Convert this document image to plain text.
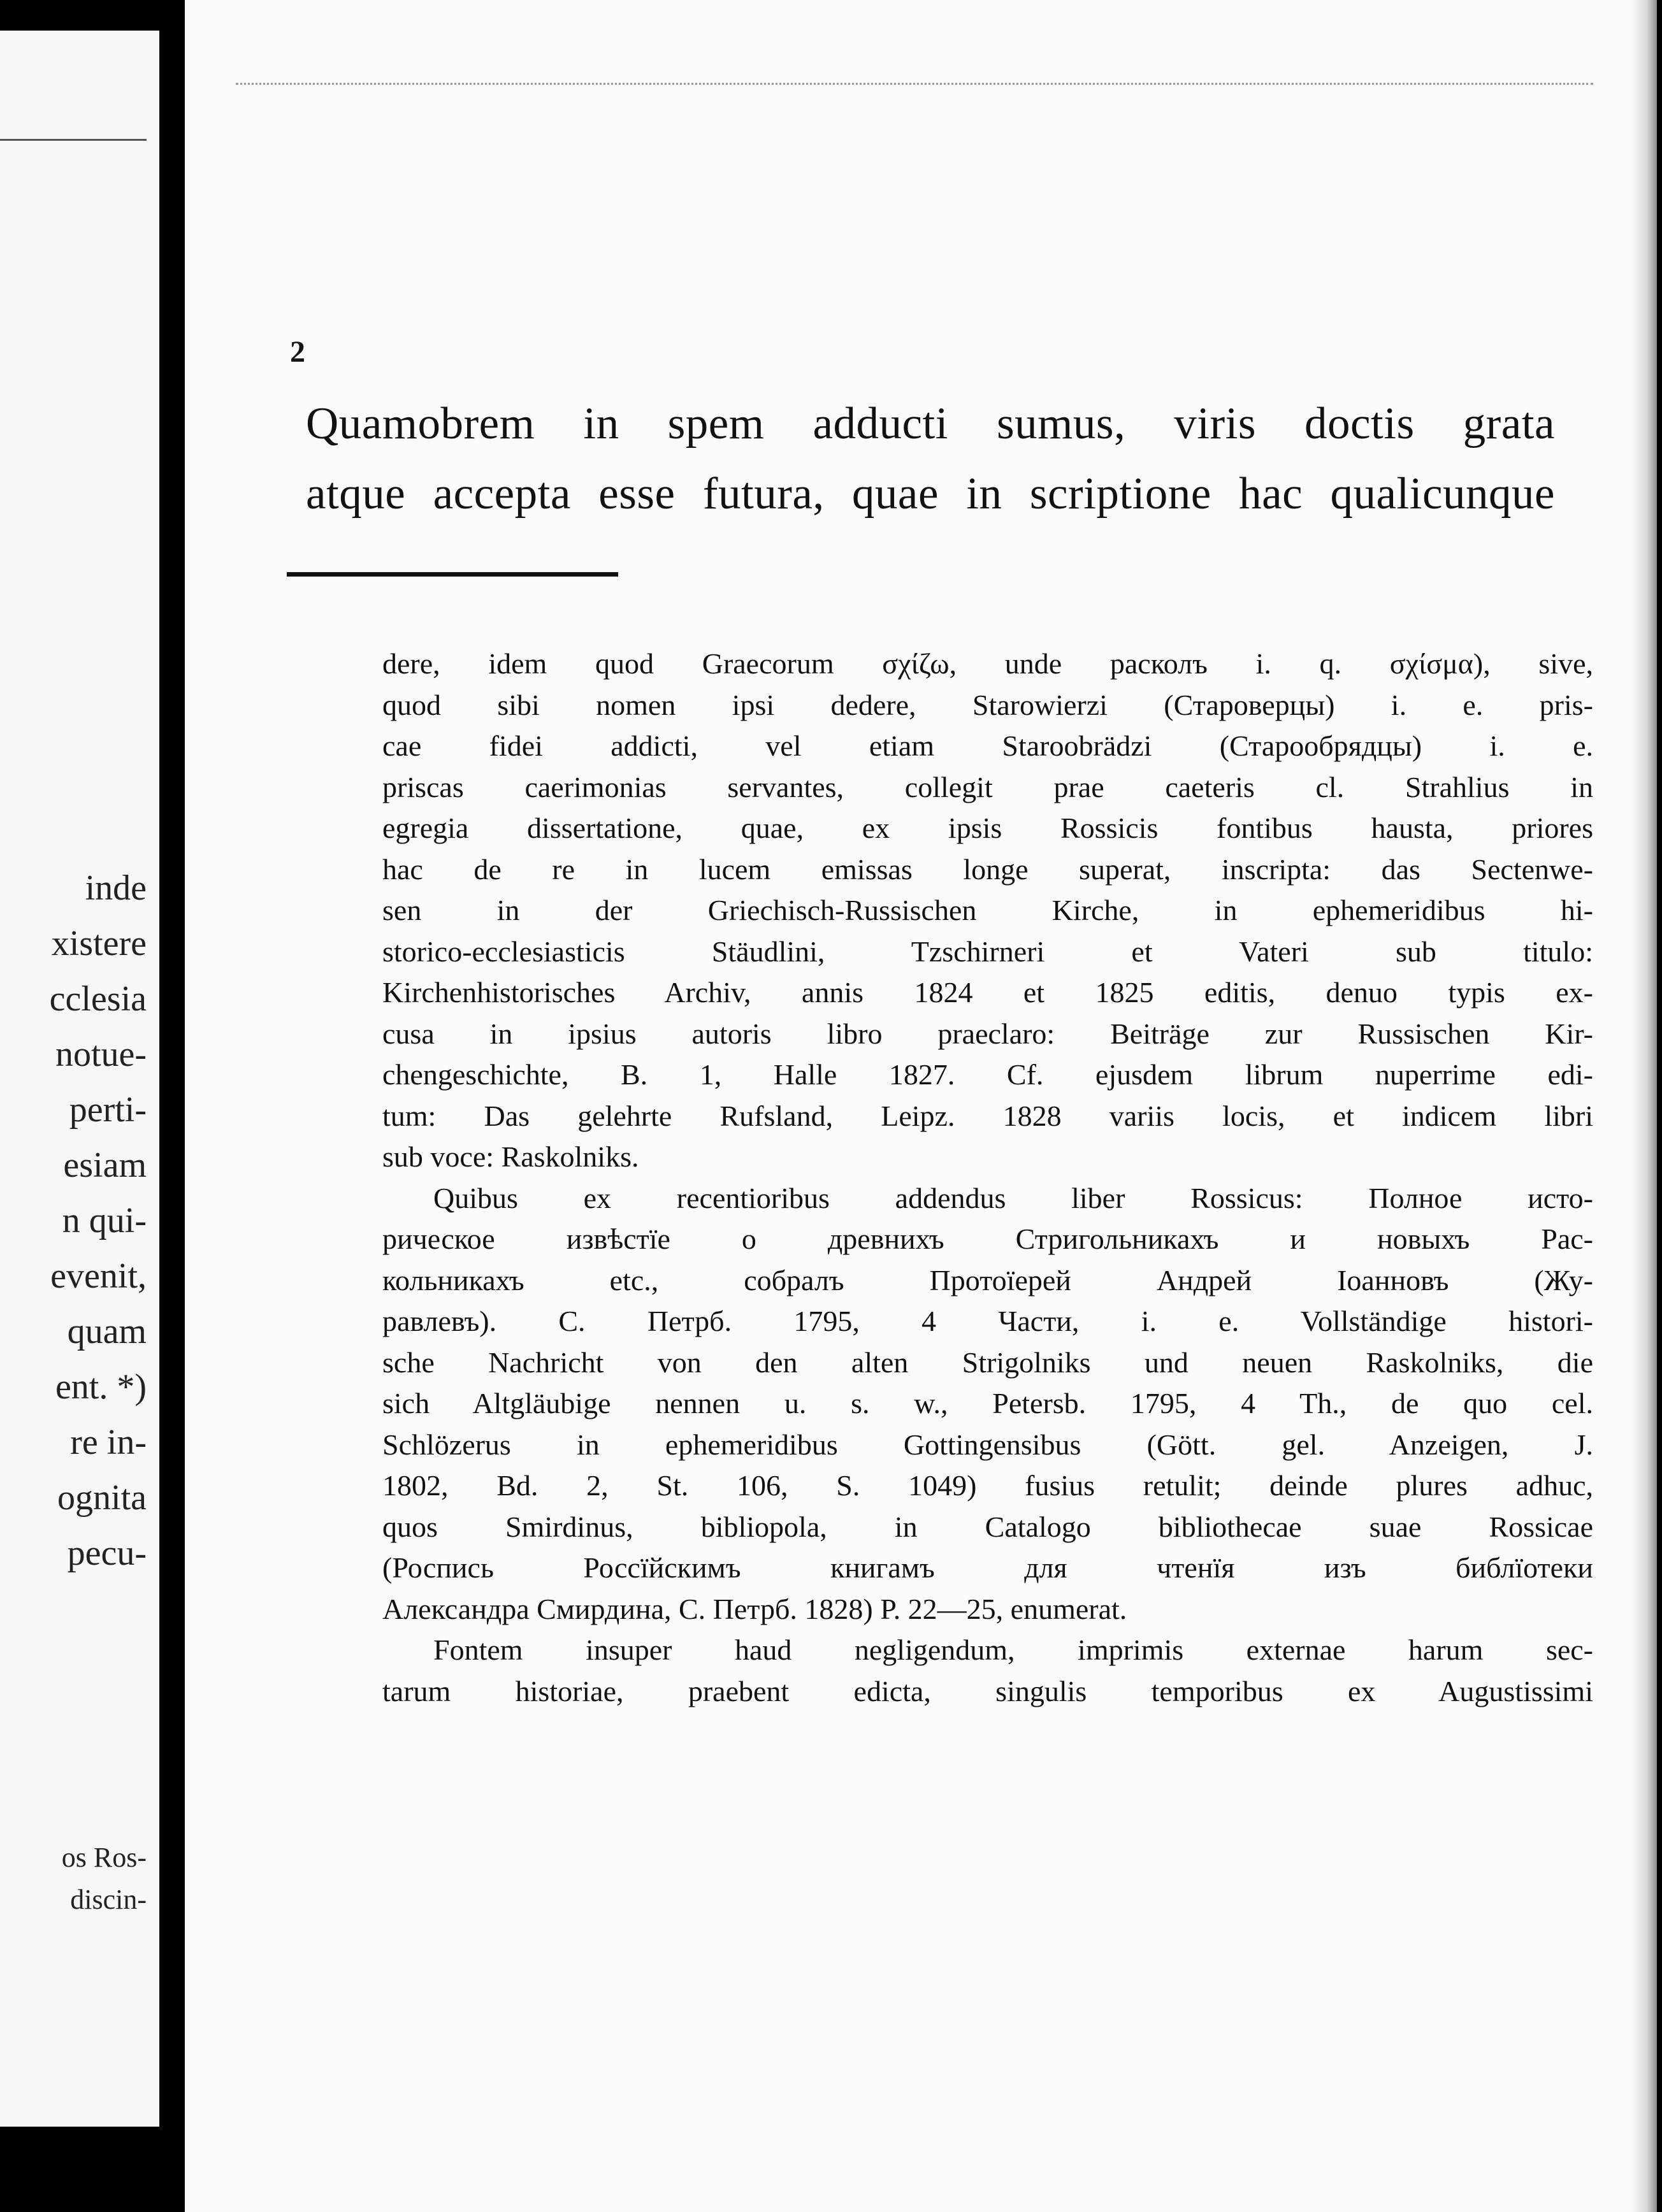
inde
xistere
cclesia
notue-
perti-
esiam
n qui-
evenit,
quam
ent. *)
re in-
ognita
pecu-
os Ros-
discin-
2
Quamobrem in spem adducti sumus, viris doctis grata
atque accepta esse futura, quae in scriptione hac qualicunque

dere, idem quod Graecorum σχίζω, unde расколъ i. q. σχίσμα), sive,
quod sibi nomen ipsi dedere, Starowierzi (Староверцы) i. e. pris-
cae fidei addicti, vel etiam Staroobrädzi (Старообрядцы) i. e.
priscas caerimonias servantes, collegit prae caeteris cl. Strahlius in
egregia dissertatione, quae, ex ipsis Rossicis fontibus hausta, priores
hac de re in lucem emissas longe superat, inscripta: das Sectenwe-
sen in der Griechisch-Russischen Kirche, in ephemeridibus hi-
storico-ecclesiasticis Stäudlini, Tzschirneri et Vateri sub titulo:
Kirchenhistorisches Archiv, annis 1824 et 1825 editis, denuo typis ex-
cusa in ipsius autoris libro praeclaro: Beiträge zur Russischen Kir-
chengeschichte, B. 1, Halle 1827. Cf. ejusdem librum nuperrime edi-
tum: Das gelehrte Rufsland, Leipz. 1828 variis locis, et indicem libri
sub voce: Raskolniks.

Quibus ex recentioribus addendus liber Rossicus: Полное исто-
рическое извѣстїе о древнихъ Стригольникахъ и новыхъ Рас-
кольникахъ etc., собралъ Протоїерей Андрей Іоанновъ (Жу-
равлевъ). С. Петрб. 1795, 4 Части, i. e. Vollständige histori-
sche Nachricht von den alten Strigolniks und neuen Raskolniks, die
sich Altgläubige nennen u. s. w., Petersb. 1795, 4 Th., de quo cel.
Schlözerus in ephemeridibus Gottingensibus (Gött. gel. Anzeigen, J.
1802, Bd. 2, St. 106, S. 1049) fusius retulit; deinde plures adhuc,
quos Smirdinus, bibliopola, in Catalogo bibliothecae suae Rossicae
(Роспись Россїйскимъ книгамъ для чтенїя изъ библїотеки
Александра Смирдина, С. Петрб. 1828) P. 22—25, enumerat.

Fontem insuper haud negligendum, imprimis externae harum sec-
tarum historiae, praebent edicta, singulis temporibus ex Augustissimi
